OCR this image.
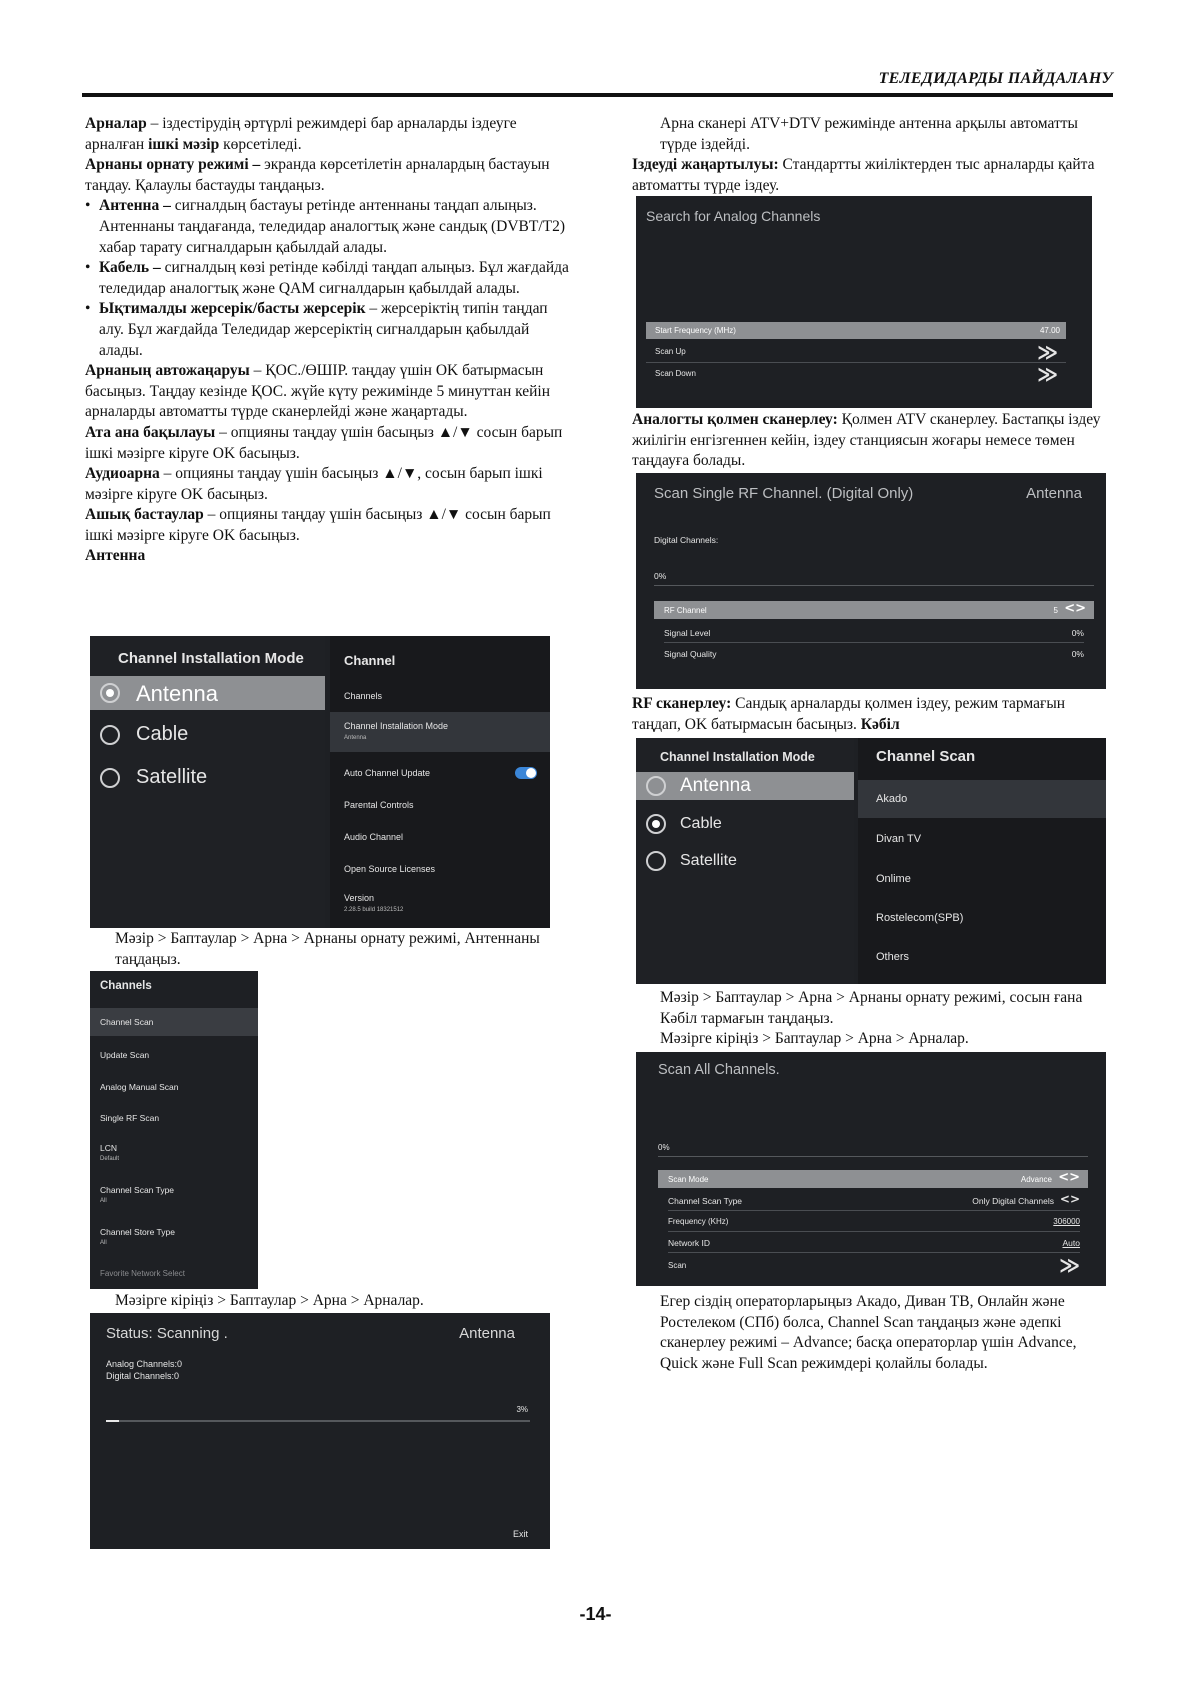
ТЕЛЕДИДАРДЫ ПАЙДАЛАНУ

Арналар – іздестірудің әртүрлі режимдері бар арналарды іздеуге арналған ішкі мәзір көрсетіледі.

Арнаны орнату режимі – экранда көрсетілетін арналардың бастауын таңдау. Қалаулы бастауды таңдаңыз.

• Антенна – сигналдың бастауы ретінде антеннаны таңдап алыңыз. Антеннаны таңдағанда, теледидар аналогтық және сандық (DVBT/T2) хабар тарату сигналдарын қабылдай алады.
• Кабель – сигналдың көзі ретінде кәбілді таңдап алыңыз. Бұл жағдайда теледидар аналогтық және QAM сигналдарын қабылдай алады.
• Ықтималды жерсерік/басты жерсерік – жерсеріктің типін таңдап алу. Бұл жағдайда Теледидар жерсеріктің сигналдарын қабылдай алады.

Арнаның автожаңаруы – ҚОС./ӨШІР. таңдау үшін OK батырмасын басыңыз. Таңдау кезінде ҚОС. жүйе күту режимінде 5 минуттан кейін арналарды автоматты түрде сканерлейді және жаңартады.

Ата ана бақылауы – опцияны таңдау үшін басыңыз ▲/▼ сосын барып ішкі мәзірге кіруге OK басыңыз.

Аудиоарна – опцияны таңдау үшін басыңыз ▲/▼, сосын барып ішкі мәзірге кіруге OK басыңыз.

Ашық бастаулар – опцияны таңдау үшін басыңыз ▲/▼ сосын барып ішкі мәзірге кіруге OK басыңыз.

Антенна

Channel Installation Mode
Antenna
Cable
Satellite
Channel
Channels
Channel Installation Mode
Antenna
Auto Channel Update
Parental Controls
Audio Channel
Open Source Licenses
Version
2.28.5 build 18321512
Мәзір > Баптаулар > Арна > Арнаны орнату режимі, Антеннаны таңдаңыз.
Channels
Channel Scan
Update Scan
Analog Manual Scan
Single RF Scan
LCN
Default
Channel Scan Type
All
Channel Store Type
All
Favorite Network Select
Мәзірге кіріңіз > Баптаулар > Арна > Арналар.
Status: Scanning .	Antenna
Analog Channels:0
Digital Channels:0
3%
Exit

Арна сканері ATV+DTV режимінде антенна арқылы автоматты түрде іздейді.

Іздеуді жаңартылуы: Стандартты жиіліктерден тыс арналарды қайта автоматты түрде іздеу.

Search for Analog Channels
Start Frequency (MHz)	47.00
Scan Up	≫
Scan Down	≫

Аналогты қолмен сканерлеу: Қолмен ATV сканерлеу. Бастапқы іздеу жиілігін енгізгеннен кейін, іздеу станциясын жоғары немесе төмен таңдауға болады.

Scan Single RF Channel. (Digital Only)	Antenna
Digital Channels:
0%
RF Channel	5 <>
Signal Level	0%
Signal Quality	0%

RF сканерлеу: Сандық арналарды қолмен іздеу, режим тармағын таңдап, OK батырмасын басыңыз. Кәбіл

Channel Installation Mode
Antenna
Cable
Satellite
Channel Scan
Akado
Divan TV
Onlime
Rostelecom(SPB)
Others
Мәзір > Баптаулар > Арна > Арнаны орнату режимі, сосын ғана Кәбіл тармағын таңдаңыз.
Мәзірге кіріңіз > Баптаулар > Арна > Арналар.
Scan All Channels.
0%
Scan Mode	Advance <>
Channel Scan Type	Only Digital Channels <>
Frequency (KHz)	306000
Network ID	Auto
Scan	≫
Егер сіздің операторларыңыз Акадо, Диван ТВ, Онлайн және Ростелеком (СПб) болса, Channel Scan таңдаңыз және әдепкі сканерлеу режимі – Advance; басқа операторлар үшін Advance, Quick және Full Scan режимдері қолайлы болады.
-14-
